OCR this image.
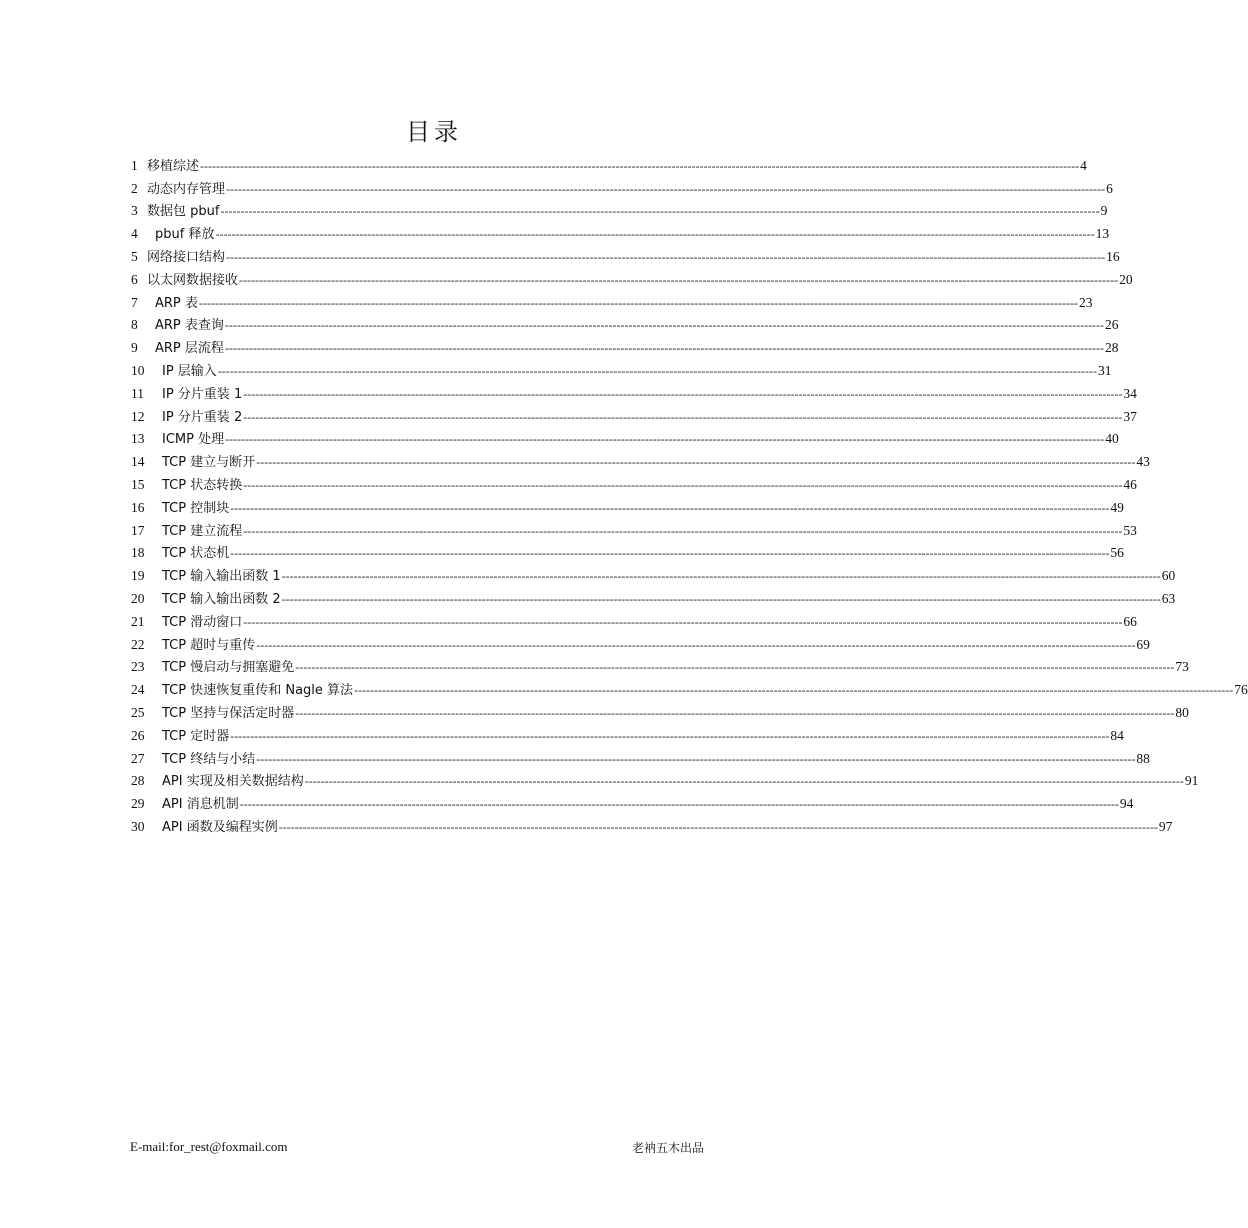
目录
1 移植综述 ---------------------------------------------------------------------------------------------------------------------------------------------------------------------------------------------------------------------------- 4
2 动态内存管理 ---------------------------------------------------------------------------------------------------------------------------------------------------------------------------------------------------------------------------- 6
3 数据包 pbuf ---------------------------------------------------------------------------------------------------------------------------------------------------------------------------------------------------------------------------- 9
4	pbuf 释放 ---------------------------------------------------------------------------------------------------------------------------------------------------------------------------------------------------------------------------- 13
5 网络接口结构 ---------------------------------------------------------------------------------------------------------------------------------------------------------------------------------------------------------------------------- 16
6 以太网数据接收 ---------------------------------------------------------------------------------------------------------------------------------------------------------------------------------------------------------------------------- 20
7	ARP 表 ---------------------------------------------------------------------------------------------------------------------------------------------------------------------------------------------------------------------------- 23
8	ARP 表查询 ---------------------------------------------------------------------------------------------------------------------------------------------------------------------------------------------------------------------------- 26
9	ARP 层流程 ---------------------------------------------------------------------------------------------------------------------------------------------------------------------------------------------------------------------------- 28
10	IP 层输入 ---------------------------------------------------------------------------------------------------------------------------------------------------------------------------------------------------------------------------- 31
11	IP 分片重装 1 ---------------------------------------------------------------------------------------------------------------------------------------------------------------------------------------------------------------------------- 34
12	IP 分片重装 2 ---------------------------------------------------------------------------------------------------------------------------------------------------------------------------------------------------------------------------- 37
13	ICMP 处理 ---------------------------------------------------------------------------------------------------------------------------------------------------------------------------------------------------------------------------- 40
14	TCP 建立与断开 ---------------------------------------------------------------------------------------------------------------------------------------------------------------------------------------------------------------------------- 43
15	TCP 状态转换 ---------------------------------------------------------------------------------------------------------------------------------------------------------------------------------------------------------------------------- 46
16	TCP 控制块 ---------------------------------------------------------------------------------------------------------------------------------------------------------------------------------------------------------------------------- 49
17	TCP 建立流程 ---------------------------------------------------------------------------------------------------------------------------------------------------------------------------------------------------------------------------- 53
18	TCP 状态机 ---------------------------------------------------------------------------------------------------------------------------------------------------------------------------------------------------------------------------- 56
19	TCP 输入输出函数 1 ---------------------------------------------------------------------------------------------------------------------------------------------------------------------------------------------------------------------------- 60
20	TCP 输入输出函数 2 ---------------------------------------------------------------------------------------------------------------------------------------------------------------------------------------------------------------------------- 63
21	TCP 滑动窗口 ---------------------------------------------------------------------------------------------------------------------------------------------------------------------------------------------------------------------------- 66
22	TCP 超时与重传 ---------------------------------------------------------------------------------------------------------------------------------------------------------------------------------------------------------------------------- 69
23	TCP 慢启动与拥塞避免 ---------------------------------------------------------------------------------------------------------------------------------------------------------------------------------------------------------------------------- 73
24	TCP 快速恢复重传和 Nagle 算法 ---------------------------------------------------------------------------------------------------------------------------------------------------------------------------------------------------------------------------- 76
25	TCP 坚持与保活定时器 ---------------------------------------------------------------------------------------------------------------------------------------------------------------------------------------------------------------------------- 80
26	TCP 定时器 ---------------------------------------------------------------------------------------------------------------------------------------------------------------------------------------------------------------------------- 84
27	TCP 终结与小结 ---------------------------------------------------------------------------------------------------------------------------------------------------------------------------------------------------------------------------- 88
28	API 实现及相关数据结构 ---------------------------------------------------------------------------------------------------------------------------------------------------------------------------------------------------------------------------- 91
29	API 消息机制 ---------------------------------------------------------------------------------------------------------------------------------------------------------------------------------------------------------------------------- 94
30	API 函数及编程实例 ---------------------------------------------------------------------------------------------------------------------------------------------------------------------------------------------------------------------------- 97
E-mail:for_rest@foxmail.com	老衲五木出品
